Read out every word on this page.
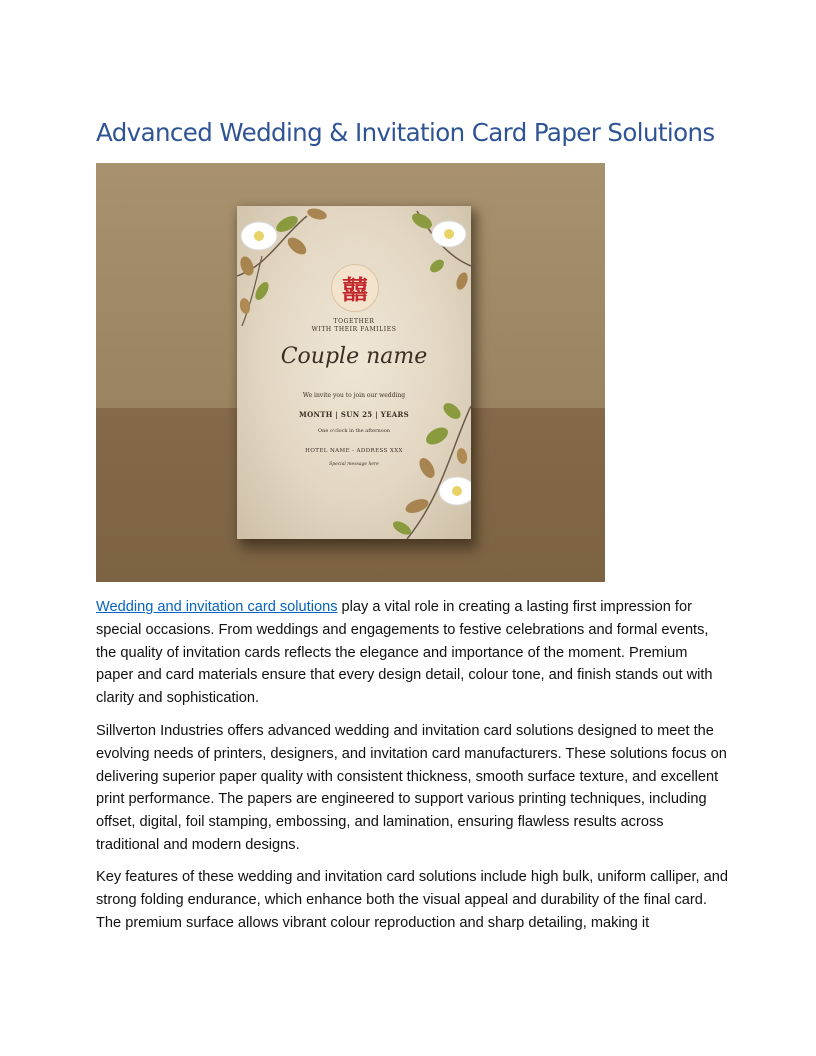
Advanced Wedding & Invitation Card Paper Solutions
囍
TOGETHER
WITH THEIR FAMILIES
Couple name
We invite you to join our wedding
MONTH | SUN 25 | YEARS
One o'clock in the afternoon
HOTEL NAME - ADDRESS XXX
Special message here

Wedding and invitation card solutions play a vital role in creating a lasting first impression for special occasions. From weddings and engagements to festive celebrations and formal events, the quality of invitation cards reflects the elegance and importance of the moment. Premium paper and card materials ensure that every design detail, colour tone, and finish stands out with clarity and sophistication.

Sillverton Industries offers advanced wedding and invitation card solutions designed to meet the evolving needs of printers, designers, and invitation card manufacturers. These solutions focus on delivering superior paper quality with consistent thickness, smooth surface texture, and excellent print performance. The papers are engineered to support various printing techniques, including offset, digital, foil stamping, embossing, and lamination, ensuring flawless results across traditional and modern designs.

Key features of these wedding and invitation card solutions include high bulk, uniform calliper, and strong folding endurance, which enhance both the visual appeal and durability of the final card. The premium surface allows vibrant colour reproduction and sharp detailing, making it
